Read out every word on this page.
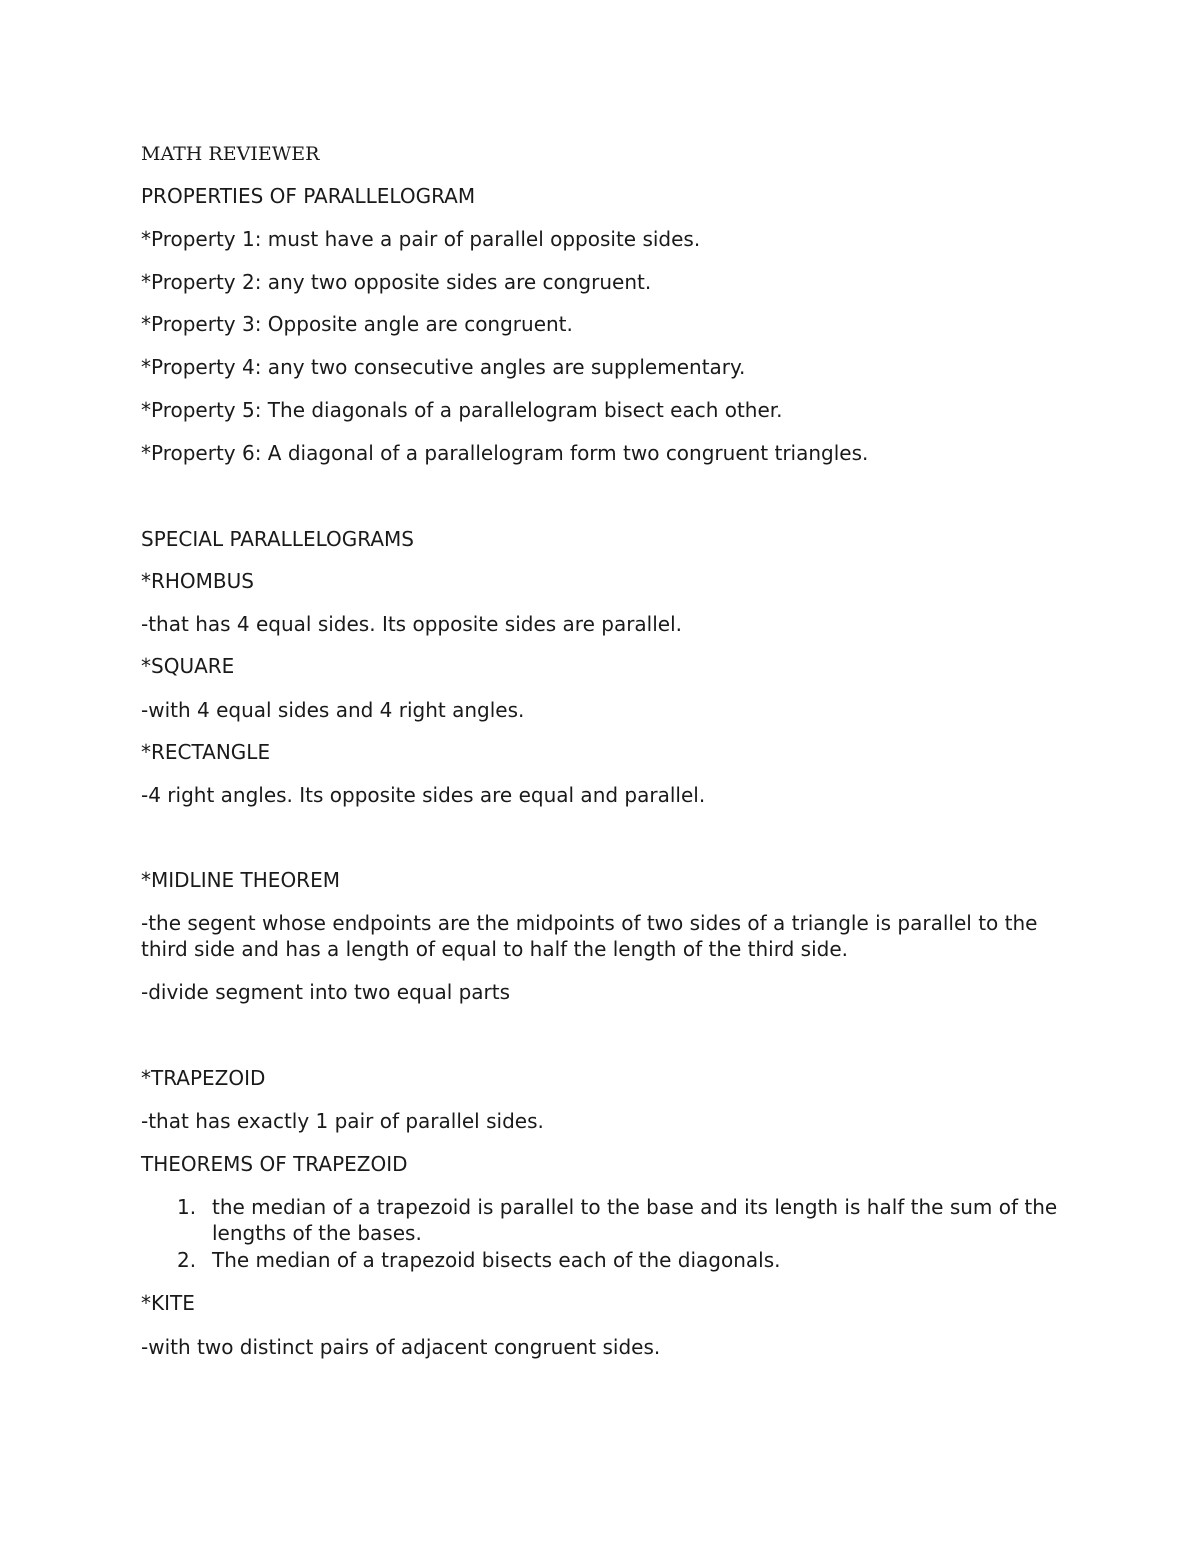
MATH REVIEWER
PROPERTIES OF PARALLELOGRAM
*Property 1: must have a pair of parallel opposite sides.
*Property 2: any two opposite sides are congruent.
*Property 3: Opposite angle are congruent.
*Property 4: any two consecutive angles are supplementary.
*Property 5: The diagonals of a parallelogram bisect each other.
*Property 6: A diagonal of a parallelogram form two congruent triangles.
SPECIAL PARALLELOGRAMS
*RHOMBUS
-that has 4 equal sides. Its opposite sides are parallel.
*SQUARE
-with 4 equal sides and 4 right angles.
*RECTANGLE
-4 right angles. Its opposite sides are equal and parallel.
*MIDLINE THEOREM
-the segent whose endpoints are the midpoints of two sides of a triangle is parallel to the third side and has a length of equal to half the length of the third side.
-divide segment into two equal parts
*TRAPEZOID
-that has exactly 1 pair of parallel sides.
THEOREMS OF TRAPEZOID
1. the median of a trapezoid is parallel to the base and its length is half the sum of the lengths of the bases.
2. The median of a trapezoid bisects each of the diagonals.
*KITE
-with two distinct pairs of adjacent congruent sides.
